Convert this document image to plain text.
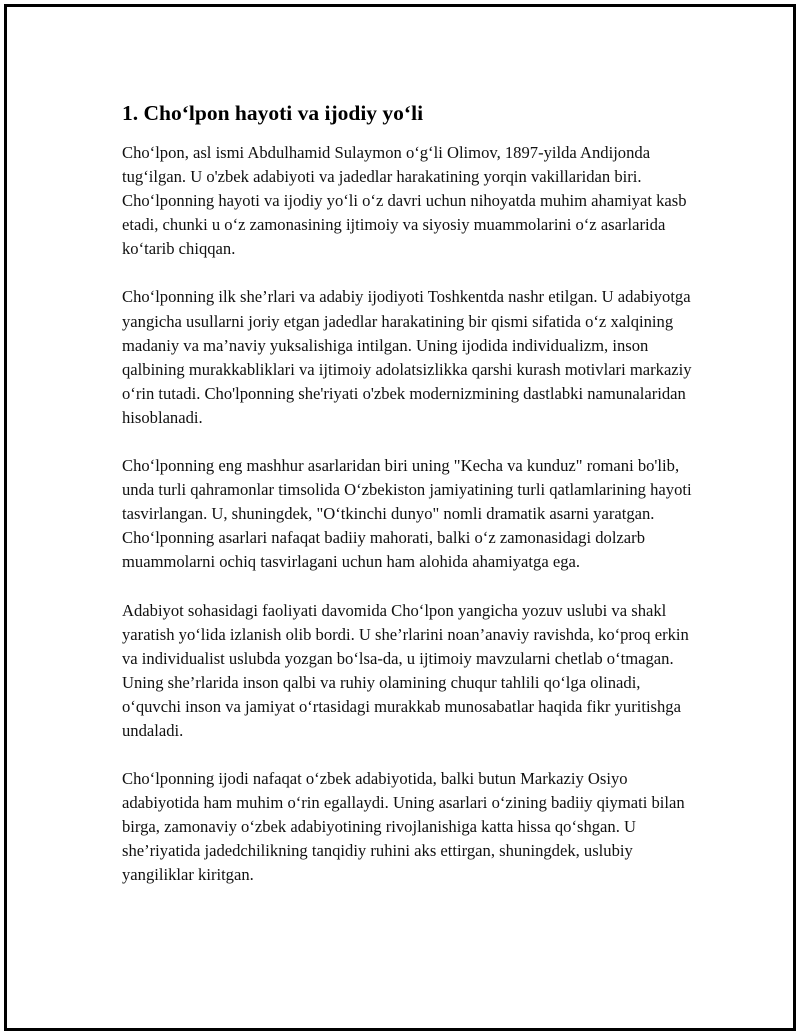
1. Cho‘lpon hayoti va ijodiy yo‘li

Cho‘lpon, asl ismi Abdulhamid Sulaymon o‘g‘li Olimov, 1897-yilda Andijonda tug‘ilgan. U o'zbek adabiyoti va jadedlar harakatining yorqin vakillaridan biri. Cho‘lponning hayoti va ijodiy yo‘li o‘z davri uchun nihoyatda muhim ahamiyat kasb etadi, chunki u o‘z zamonasining ijtimoiy va siyosiy muammolarini o‘z asarlarida ko‘tarib chiqqan.

Cho‘lponning ilk she’rlari va adabiy ijodiyoti Toshkentda nashr etilgan. U adabiyotga yangicha usullarni joriy etgan jadedlar harakatining bir qismi sifatida o‘z xalqining madaniy va ma’naviy yuksalishiga intilgan. Uning ijodida individualizm, inson qalbining murakkabliklari va ijtimoiy adolatsizlikka qarshi kurash motivlari markaziy o‘rin tutadi. Cho'lponning she'riyati o'zbek modernizmining dastlabki namunalaridan hisoblanadi.

Cho‘lponning eng mashhur asarlaridan biri uning "Kecha va kunduz" romani bo'lib, unda turli qahramonlar timsolida O‘zbekiston jamiyatining turli qatlamlarining hayoti tasvirlangan. U, shuningdek, "O‘tkinchi dunyo" nomli dramatik asarni yaratgan. Cho‘lponning asarlari nafaqat badiiy mahorati, balki o‘z zamonasidagi dolzarb muammolarni ochiq tasvirlagani uchun ham alohida ahamiyatga ega.

Adabiyot sohasidagi faoliyati davomida Cho‘lpon yangicha yozuv uslubi va shakl yaratish yo‘lida izlanish olib bordi. U she’rlarini noan’anaviy ravishda, ko‘proq erkin va individualist uslubda yozgan bo‘lsa-da, u ijtimoiy mavzularni chetlab o‘tmagan. Uning she’rlarida inson qalbi va ruhiy olamining chuqur tahlili qo‘lga olinadi, o‘quvchi inson va jamiyat o‘rtasidagi murakkab munosabatlar haqida fikr yuritishga undaladi.

Cho‘lponning ijodi nafaqat o‘zbek adabiyotida, balki butun Markaziy Osiyo adabiyotida ham muhim o‘rin egallaydi. Uning asarlari o‘zining badiiy qiymati bilan birga, zamonaviy o‘zbek adabiyotining rivojlanishiga katta hissa qo‘shgan. U she’riyatida jadedchilikning tanqidiy ruhini aks ettirgan, shuningdek, uslubiy yangiliklar kiritgan.
